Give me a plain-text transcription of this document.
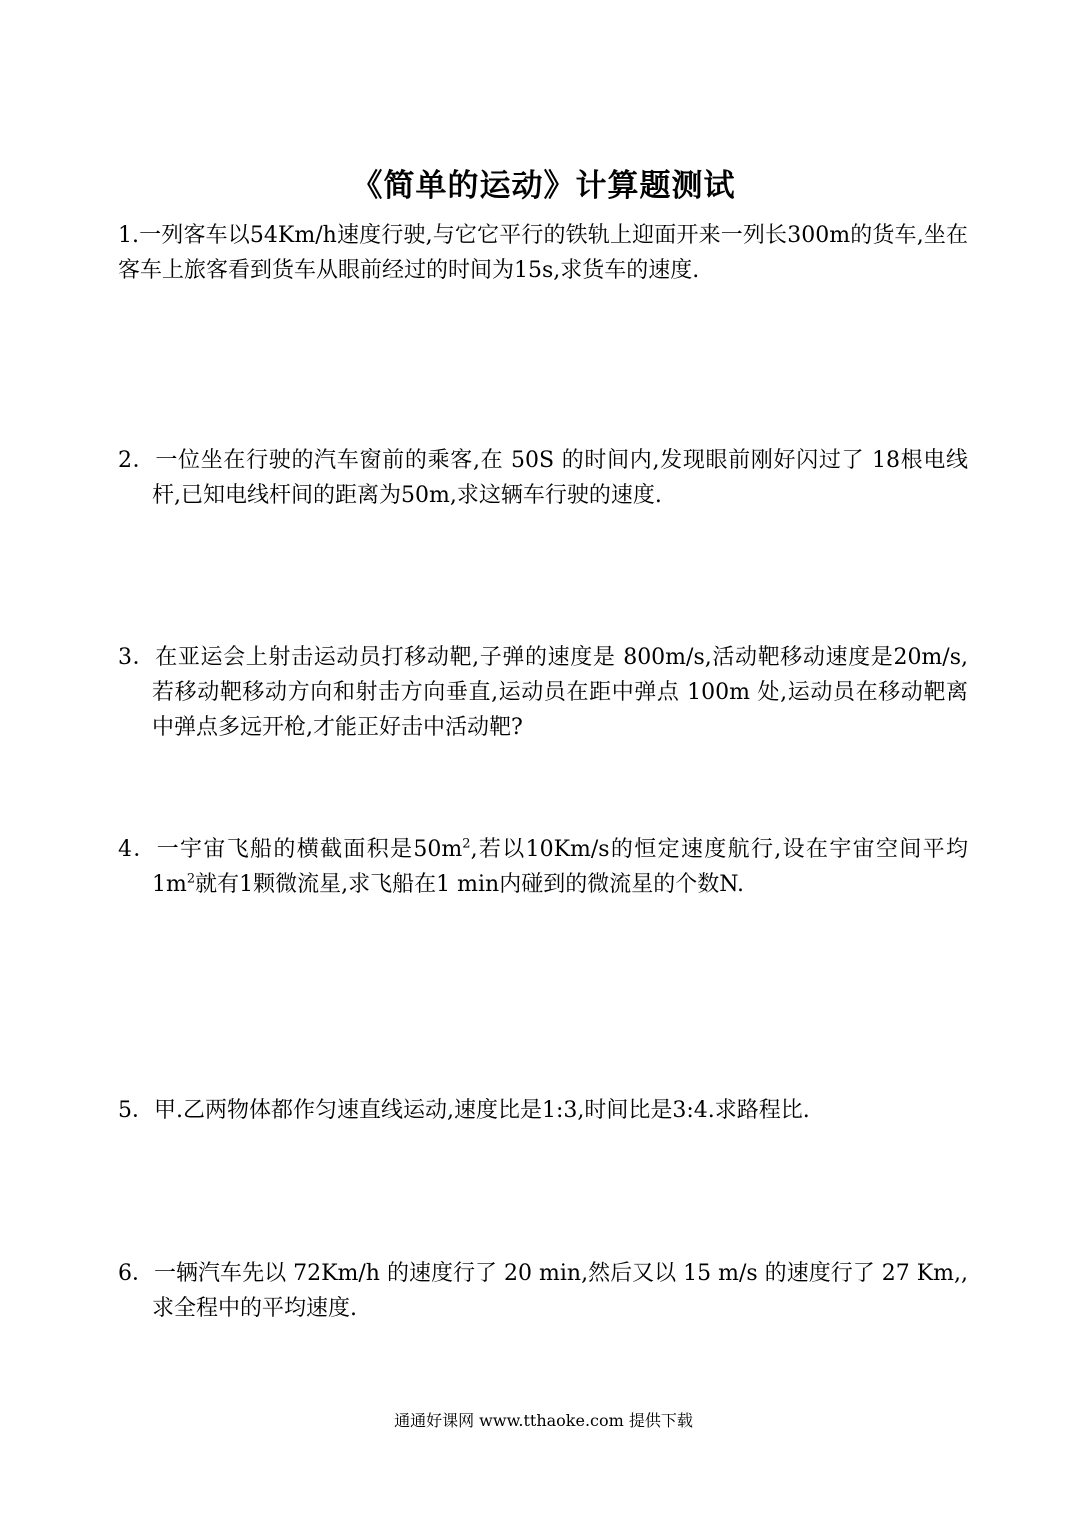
《简单的运动》计算题测试
1.一列客车以54Km/h速度行驶,与它它平行的铁轨上迎面开来一列长300m的货车,坐在客车上旅客看到货车从眼前经过的时间为15s,求货车的速度.
2．一位坐在行驶的汽车窗前的乘客,在 50S 的时间内,发现眼前刚好闪过了 18根电线杆,已知电线杆间的距离为50m,求这辆车行驶的速度.
3．在亚运会上射击运动员打移动靶,子弹的速度是 800m/s,活动靶移动速度是20m/s,若移动靶移动方向和射击方向垂直,运动员在距中弹点 100m 处,运动员在移动靶离中弹点多远开枪,才能正好击中活动靶?
4．一宇宙飞船的横截面积是$50m^2$,若以10Km/s的恒定速度航行,设在宇宙空间平均$1m^2$就有1颗微流星,求飞船在1 min内碰到的微流星的个数N.
5．甲.乙两物体都作匀速直线运动,速度比是1:3,时间比是3:4.求路程比.
6．一辆汽车先以 72Km/h 的速度行了 20 min,然后又以 15 m/s 的速度行了 27 Km,,求全程中的平均速度.
通通好课网 www.tthaoke.com 提供下载
